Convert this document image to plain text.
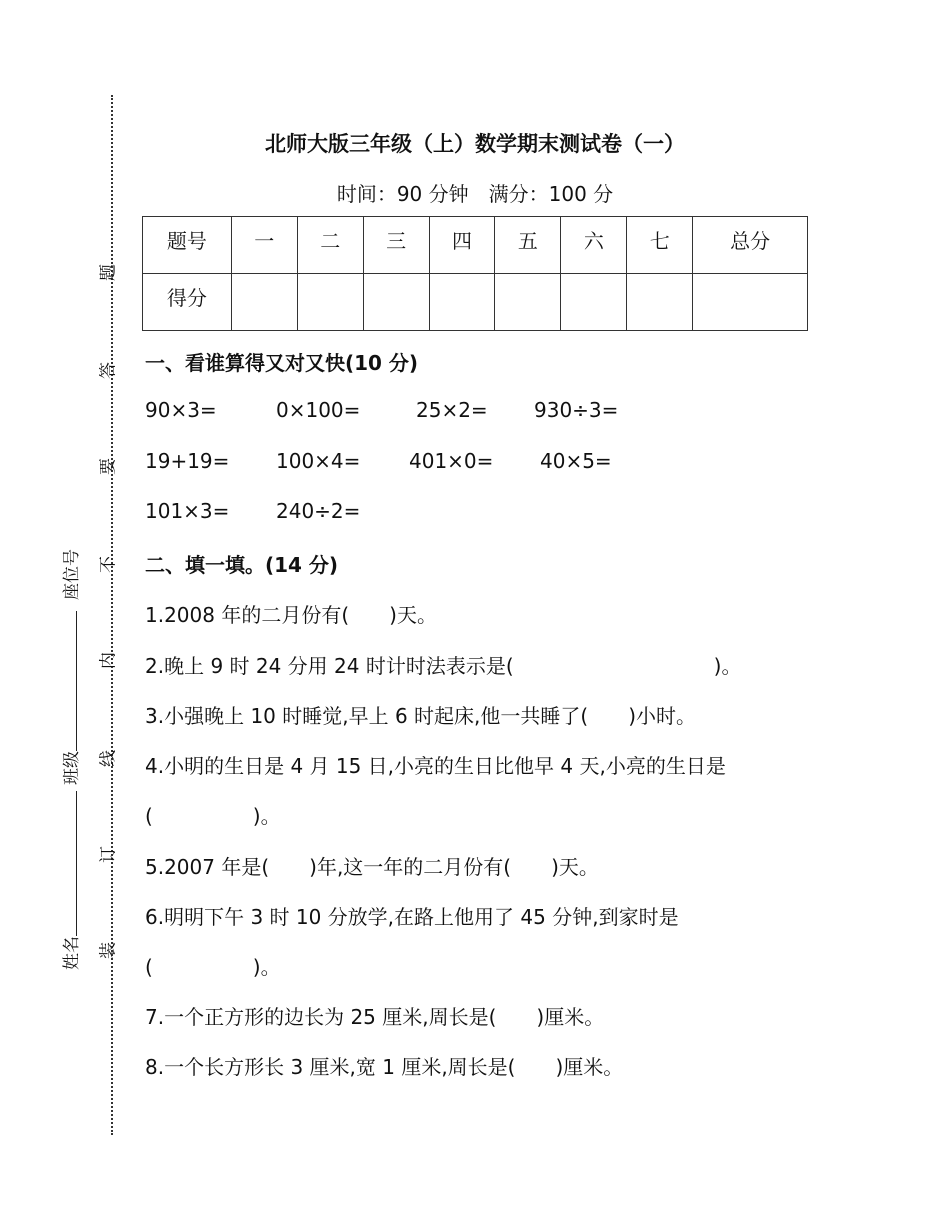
题
答
要
不
内
线
订
装
座位号
班级
姓名
北师大版三年级（上）数学期末测试卷（一）
时间：90 分钟　满分：100 分
题号	一	二	三	四	五	六	七	总分
得分								
一、看谁算得又对又快(10 分)
90×3=	0×100=	25×2= 930÷3=
19+19= 100×4= 401×0= 40×5=
101×3= 240÷2=
二、填一填。(14 分)
1.2008 年的二月份有(　　)天。
2.晚上 9 时 24 分用 24 时计时法表示是(　　　　　　　　　　)。
3.小强晚上 10 时睡觉,早上 6 时起床,他一共睡了(　　)小时。
4.小明的生日是 4 月 15 日,小亮的生日比他早 4 天,小亮的生日是
(　　　　　)。
5.2007 年是(　　)年,这一年的二月份有(　　)天。
6.明明下午 3 时 10 分放学,在路上他用了 45 分钟,到家时是
(　　　　　)。
7.一个正方形的边长为 25 厘米,周长是(　　)厘米。
8.一个长方形长 3 厘米,宽 1 厘米,周长是(　　)厘米。
